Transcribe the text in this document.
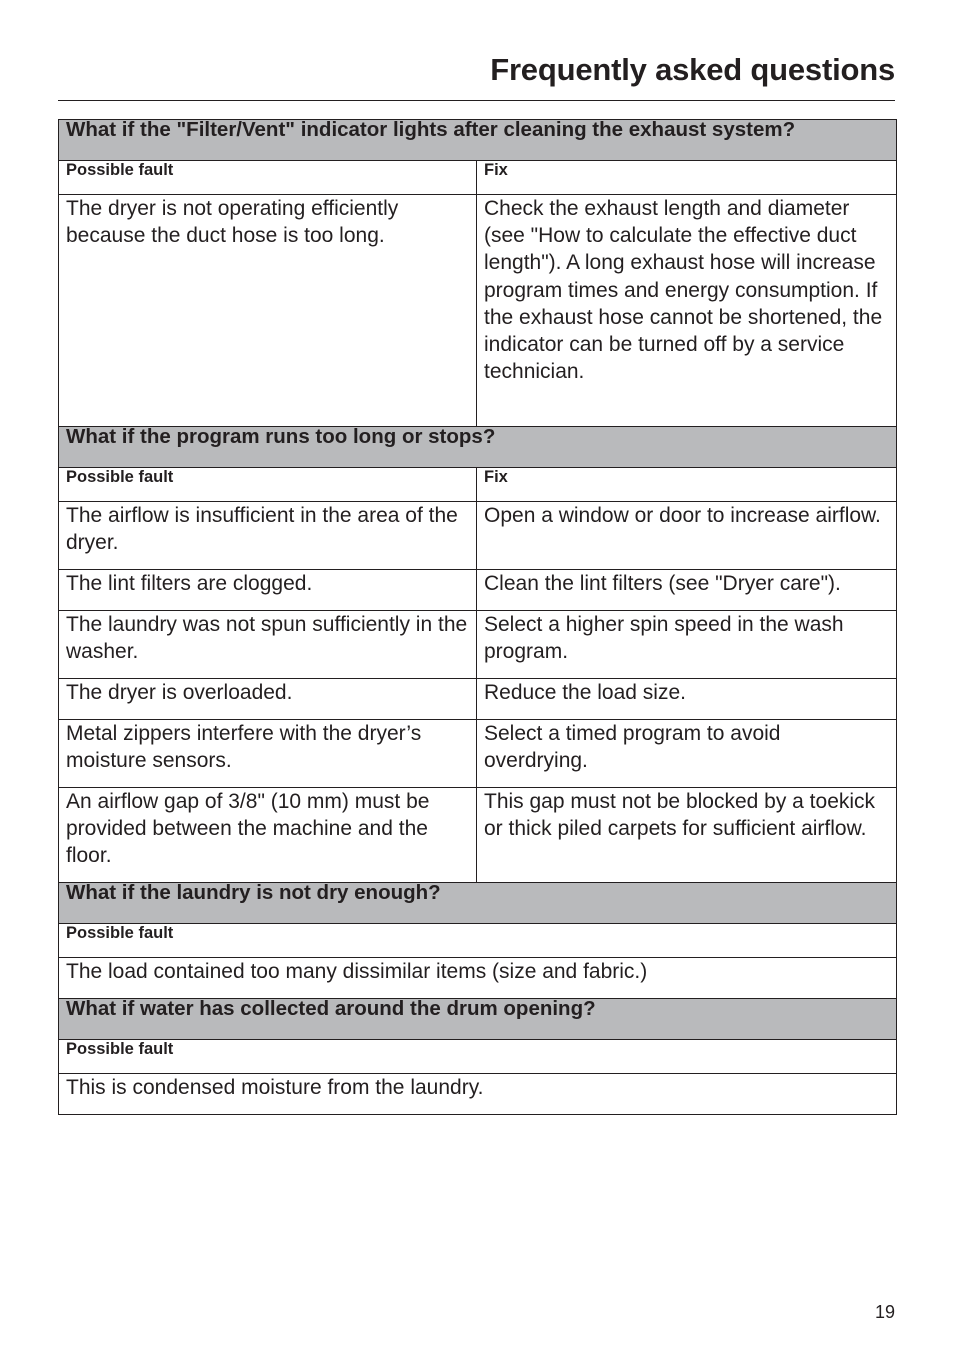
Frequently asked questions
What if the "Filter/Vent" indicator lights after cleaning the exhaust system?	
Possible fault	Fix
The dryer is not operating efficiently because the duct hose is too long.	Check the exhaust length and diameter (see "How to calculate the effective duct length"). A long exhaust hose will increase program times and energy consumption. If the exhaust hose cannot be shortened, the indicator can be turned off by a service technician.
What if the program runs too long or stops?	
Possible fault	Fix
The airflow is insufficient in the area of the dryer.	Open a window or door to increase airflow.
The lint filters are clogged.	Clean the lint filters (see "Dryer care").
The laundry was not spun sufficiently in the washer.	Select a higher spin speed in the wash program.
The dryer is overloaded.	Reduce the load size.
Metal zippers interfere with the dryer’s moisture sensors.	Select a timed program to avoid overdrying.
An airflow gap of 3/8" (10 mm) must be provided between the machine and the floor.	This gap must not be blocked by a toekick or thick piled carpets for sufficient airflow.
What if the laundry is not dry enough?	
Possible fault	
The load contained too many dissimilar items (size and fabric.)	
What if water has collected around the drum opening?	
Possible fault	
This is condensed moisture from the laundry.	
19
